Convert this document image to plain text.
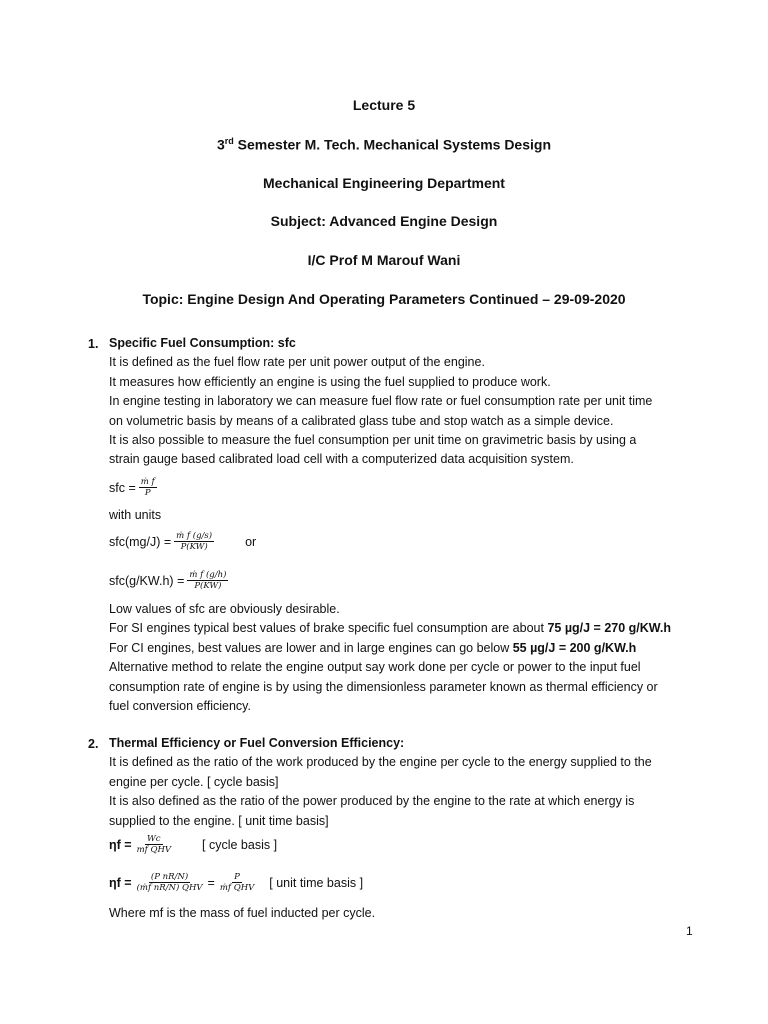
Lecture 5
3rd Semester M. Tech. Mechanical Systems Design
Mechanical Engineering Department
Subject: Advanced Engine Design
I/C Prof M Marouf Wani
Topic: Engine Design And Operating Parameters Continued – 29-09-2020
1. Specific Fuel Consumption: sfc
It is defined as the fuel flow rate per unit power output of the engine.
It measures how efficiently an engine is using the fuel supplied to produce work.
In engine testing in laboratory we can measure fuel flow rate or fuel consumption rate per unit time
on volumetric basis by means of a calibrated glass tube and stop watch as a simple device.
It is also possible to measure the fuel consumption per unit time on gravimetric basis by using a
strain gauge based calibrated load cell with a computerized data acquisition system.
sfc = $\frac{\text{ṁ f}}{P}$
with units
$sfc(mg/J) = \frac{\text{ṁ f (g/s)}}{P(KW)}$ or
$sfc(g/KW.h) = \frac{\text{ṁ f (g/h)}}{P(KW)}$
Low values of sfc are obviously desirable.
For SI engines typical best values of brake specific fuel consumption are about 75 µg/J = 270 g/KW.h
For CI engines, best values are lower and in large engines can go below 55 µg/J = 200 g/KW.h
Alternative method to relate the engine output say work done per cycle or power to the input fuel
consumption rate of engine is by using the dimensionless parameter known as thermal efficiency or
fuel conversion efficiency.
2. Thermal Efficiency or Fuel Conversion Efficiency:
It is defined as the ratio of the work produced by the engine per cycle to the energy supplied to the
engine per cycle. [ cycle basis]
It is also defined as the ratio of the power produced by the engine to the rate at which energy is
supplied to the engine. [ unit time basis]
$\eta f = \frac{Wc}{\text{mf QHV}}$ [ cycle basis ]
$\eta f = \frac{\text{(P nR/N)}}{\text{(ṁf nR/N) QHV}} = \frac{P}{\text{ṁf QHV}}$ [ unit time basis ]
Where mf is the mass of fuel inducted per cycle.
1
